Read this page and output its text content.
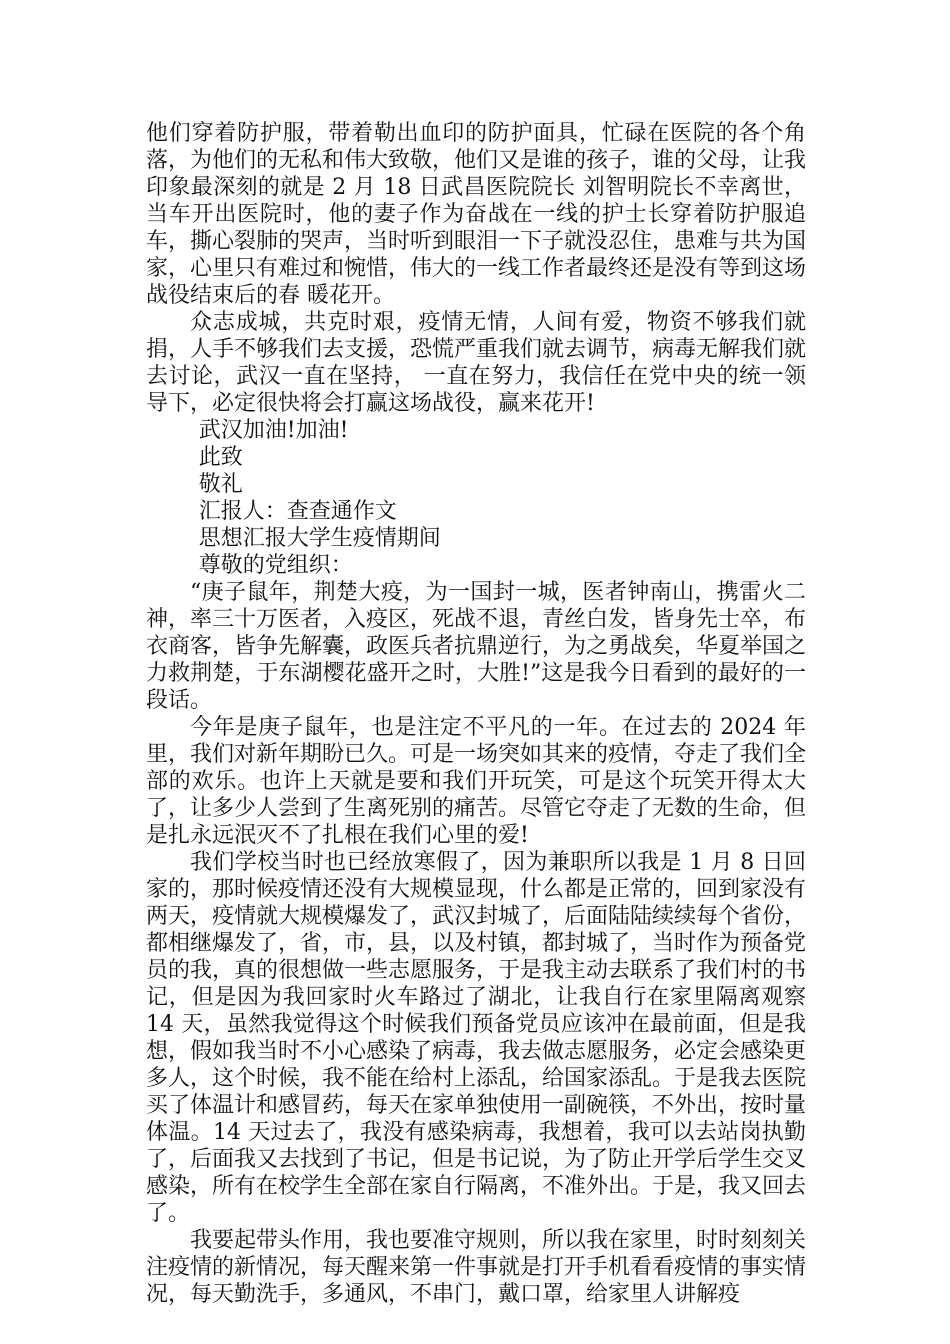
他们穿着防护服，带着勒出血印的防护面具，忙碌在医院的各个角落，为他们的无私和伟大致敬，他们又是谁的孩子，谁的父母，让我印象最深刻的就是 2 月 18 日武昌医院院长 刘智明院长不幸离世，当车开出医院时，他的妻子作为奋战在一线的护士长穿着防护服追车，撕心裂肺的哭声，当时听到眼泪一下子就没忍住，患难与共为国家，心里只有难过和惋惜，伟大的一线工作者最终还是没有等到这场战役结束后的春 暖花开。

众志成城，共克时艰，疫情无情，人间有爱，物资不够我们就捐，人手不够我们去支援，恐慌严重我们就去调节，病毒无解我们就去讨论，武汉一直在坚持， 一直在努力，我信任在党中央的统一领导下，必定很快将会打赢这场战役，赢来花开!

武汉加油!加油!

此致

敬礼

汇报人：查查通作文

思想汇报大学生疫情期间

尊敬的党组织：

“庚子鼠年，荆楚大疫，为一国封一城，医者钟南山，携雷火二神，率三十万医者，入疫区，死战不退，青丝白发，皆身先士卒，布衣商客，皆争先解囊，政医兵者抗鼎逆行，为之勇战矣，华夏举国之力救荆楚，于东湖樱花盛开之时，大胜!”这是我今日看到的最好的一段话。

今年是庚子鼠年，也是注定不平凡的一年。在过去的 2024 年里，我们对新年期盼已久。可是一场突如其来的疫情，夺走了我们全部的欢乐。也许上天就是要和我们开玩笑，可是这个玩笑开得太大了，让多少人尝到了生离死别的痛苦。尽管它夺走了无数的生命，但是扎永远泯灭不了扎根在我们心里的爱!

我们学校当时也已经放寒假了，因为兼职所以我是 1 月 8 日回家的，那时候疫情还没有大规模显现，什么都是正常的，回到家没有两天，疫情就大规模爆发了，武汉封城了，后面陆陆续续每个省份，都相继爆发了，省，市，县，以及村镇，都封城了，当时作为预备党员的我，真的很想做一些志愿服务，于是我主动去联系了我们村的书记，但是因为我回家时火车路过了湖北，让我自行在家里隔离观察 14 天，虽然我觉得这个时候我们预备党员应该冲在最前面，但是我想，假如我当时不小心感染了病毒，我去做志愿服务，必定会感染更多人，这个时候，我不能在给村上添乱，给国家添乱。于是我去医院买了体温计和感冒药，每天在家单独使用一副碗筷，不外出，按时量体温。14 天过去了，我没有感染病毒，我想着，我可以去站岗执勤了，后面我又去找到了书记，但是书记说，为了防止开学后学生交叉感染，所有在校学生全部在家自行隔离，不准外出。于是，我又回去了。

我要起带头作用，我也要准守规则，所以我在家里，时时刻刻关注疫情的新情况，每天醒来第一件事就是打开手机看看疫情的事实情况，每天勤洗手，多通风，不串门，戴口罩，给家里人讲解疫
